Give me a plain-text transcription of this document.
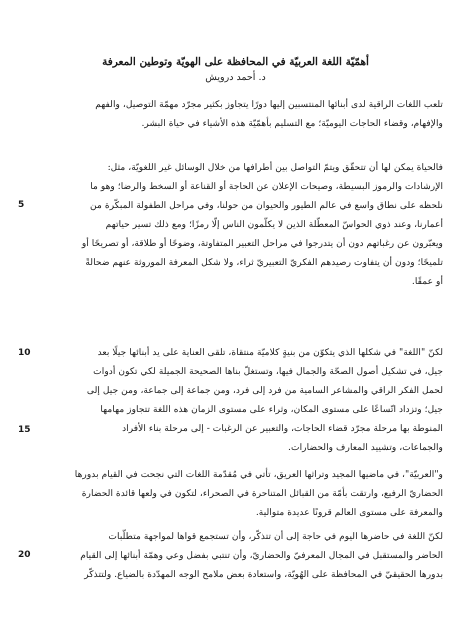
أهمّيّة اللغة العربيّة في المحافظة على الهويّة وتوطين المعرفة
د. أحمد درويش

تلعب اللغات الراقية لدى أبنائها المنتسبين إليها دورًا يتجاوز بكثير مجرّد مهمّة التوصيل، والفهم
والإفهام، وقضاء الحاجات اليوميّة؛ مع التسليم بأهمّيّة هذه الأشياء في حياة البشر.

فالحياة يمكن لها أن تتحقّق ويتمّ التواصل بين أطرافها من خلال الوسائل غير اللغويّة، مثل:
الإرشادات والرموز البسيطة، وصيحات الإعلان عن الحاجة أو القناعة أو السخط والرضا؛ وهو ما
نلحظه على نطاق واسع في عالم الطيور والحيوان من حولنا، وفي مراحل الطفولة المبكّرة من
أعمارنا، وعند ذوي الحواسّ المعطّلة الذين لا يكلّمون الناس إلّا رمزًا؛ ومع ذلك تسير حياتهم
ويعبّرون عن رغباتهم دون أن يتدرجوا في مراحل التعبير المتفاوتة، وضوحًا أو طلاقة، أو تصريحًا أو
تلميحًا؛ ودون أن يتفاوت رصيدهم الفكريّ التعبيريّ ثراء، ولا شكل المعرفة الموروثة عنهم ضحالةً
أو عمقًا.

لكنّ "اللغة" في شكلها الذي يتكوّن من بنيةٍ كلاميّة منتقاة، تلقى العناية على يد أبنائها جيلًا بعد
جيل، في تشكيل أصول الصحّة والجمال فيها، وتستغلّ بناها الصحيحة الجميلة لكي تكون أدوات
لحمل الفكر الراقي والمشاعر السامية من فرد إلى فرد، ومن جماعة إلى جماعة، ومن جيل إلى
جيل؛ وتزداد اتّساعًا على مستوى المكان، وثراء على مستوى الزمان هذه اللغة تتجاوز مهامها
المنوطة بها مرحلة مجرّد قضاء الحاجات، والتعبير عن الرغبات - إلى مرحلة بناء الأفراد
والجماعات، وتشييد المعارف والحضارات.

و"العربيّة"، في ماضيها المجيد وتراثها العريق، تأتي في مُقدّمة اللغات التي نجحت في القيام بدورها
الحضاريّ الرفيع، وارتقت بأمّة من القبائل المتناحرة في الصحراء، لتكون في ولعها قائدة الحضارة
والمعرفة على مستوى العالم قرونًا عديدة متوالية.

لكنّ اللغة في حاضرها اليوم في حاجة إلى أن تتذكّر، وأن تستجمع قواها لمواجهة متطلّبات
الحاضر والمستقبل في المجال المعرفيّ والحضاريّ، وأن تنتبي بفضل وعي وهمّة أبنائها إلى القيام
بدورها الحقيقيّ في المحافظة على الهُويّة، واستعادة بعض ملامح الوجه المهدّدة بالضياع. ولتتذكّر

5
10
15
20
